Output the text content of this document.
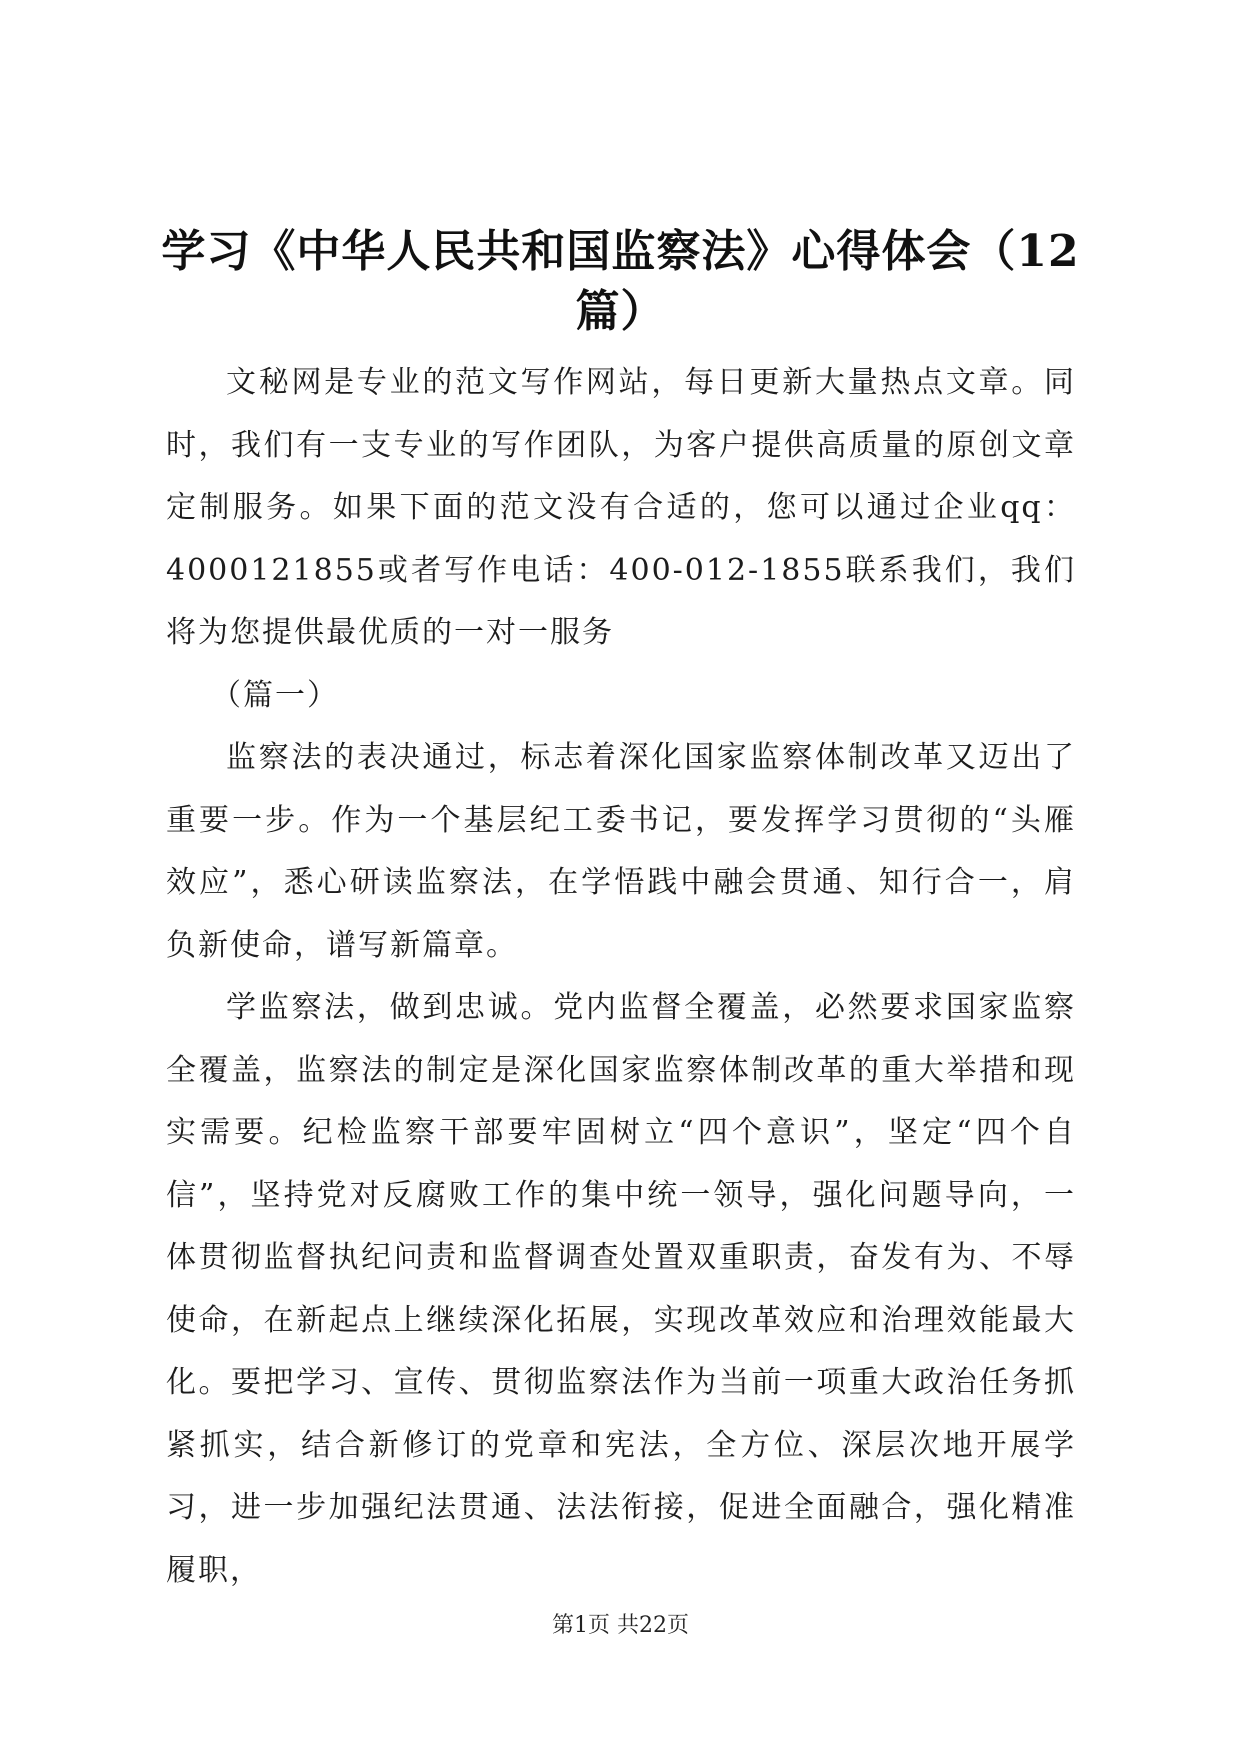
学习《中华人民共和国监察法》心得体会（12篇）

文秘网是专业的范文写作网站，每日更新大量热点文章。同时，我们有一支专业的写作团队，为客户提供高质量的原创文章定制服务。如果下面的范文没有合适的，您可以通过企业qq：4000121855或者写作电话：400-012-1855联系我们，我们将为您提供最优质的一对一服务

（篇一）

监察法的表决通过，标志着深化国家监察体制改革又迈出了重要一步。作为一个基层纪工委书记，要发挥学习贯彻的“头雁效应”，悉心研读监察法，在学悟践中融会贯通、知行合一，肩负新使命，谱写新篇章。

学监察法，做到忠诚。党内监督全覆盖，必然要求国家监察全覆盖，监察法的制定是深化国家监察体制改革的重大举措和现实需要。纪检监察干部要牢固树立“四个意识”，坚定“四个自信”，坚持党对反腐败工作的集中统一领导，强化问题导向，一体贯彻监督执纪问责和监督调查处置双重职责，奋发有为、不辱使命，在新起点上继续深化拓展，实现改革效应和治理效能最大化。要把学习、宣传、贯彻监察法作为当前一项重大政治任务抓紧抓实，结合新修订的党章和宪法，全方位、深层次地开展学习，进一步加强纪法贯通、法法衔接，促进全面融合，强化精准履职，

第1页 共22页
